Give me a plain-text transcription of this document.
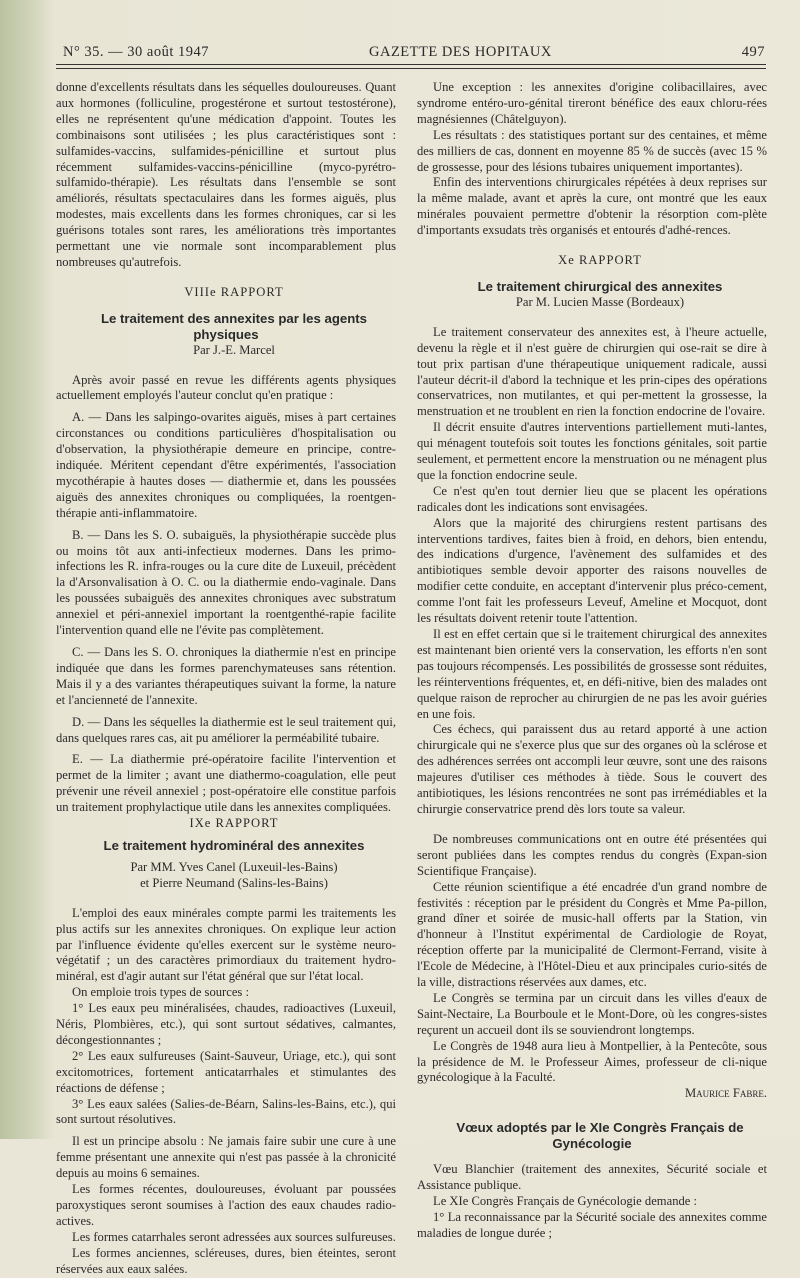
N° 35. — 30 août 1947	GAZETTE DES HOPITAUX	497

donne d'excellents résultats dans les séquelles douloureuses. Quant aux hormones (folliculine, progestérone et surtout testostérone), elles ne représentent qu'une médication d'appoint. Toutes les combinaisons sont utilisées ; les plus caractéristiques sont : sulfamides-vaccins, sulfamides-pénicilline et surtout plus récemment sulfamides-vaccins-pénicilline (myco-pyrétro-sulfamido-thérapie). Les résultats dans l'ensemble se sont améliorés, résultats spectaculaires dans les formes aiguës, plus modestes, mais excellents dans les formes chroniques, car si les guérisons totales sont rares, les améliorations très importantes permettant une vie normale sont incomparablement plus nombreuses qu'autrefois.

VIIIe RAPPORT

Le traitement des annexites par les agents physiques

Par J.-E. Marcel

Après avoir passé en revue les différents agents physiques actuellement employés l'auteur conclut qu'en pratique :

A. — Dans les salpingo-ovarites aiguës, mises à part certaines circonstances ou conditions particulières d'hospitalisation ou d'observation, la physiothérapie demeure en principe, contre-indiquée. Méritent cependant d'être expérimentés, l'association mycothérapie à hautes doses — diathermie et, dans les poussées aiguës des annexites chroniques ou compliquées, la roentgen-thérapie anti-inflammatoire.

B. — Dans les S. O. subaiguës, la physiothérapie succède plus ou moins tôt aux anti-infectieux modernes. Dans les primo-infections les R. infra-rouges ou la cure dite de Luxeuil, précèdent la d'Arsonvalisation à O. C. ou la diathermie endo-vaginale. Dans les poussées subaiguës des annexites chroniques avec substratum annexiel et péri-annexiel important la roentgenthé-rapie facilite l'intervention quand elle ne l'évite pas complètement.

C. — Dans les S. O. chroniques la diathermie n'est en principe indiquée que dans les formes parenchymateuses sans rétention. Mais il y a des variantes thérapeutiques suivant la forme, la nature et l'ancienneté de l'annexite.

D. — Dans les séquelles la diathermie est le seul traitement qui, dans quelques rares cas, ait pu améliorer la perméabilité tubaire.

E. — La diathermie pré-opératoire facilite l'intervention et permet de la limiter ; avant une diathermo-coagulation, elle peut prévenir une réveil annexiel ; post-opératoire elle constitue parfois un traitement prophylactique utile dans les annexites compliquées.

IXe RAPPORT

Le traitement hydrominéral des annexites

Par MM. Yves Canel (Luxeuil-les-Bains)

et Pierre Neumand (Salins-les-Bains)

L'emploi des eaux minérales compte parmi les traitements les plus actifs sur les annexites chroniques. On explique leur action par l'influence évidente qu'elles exercent sur le système neuro-végétatif ; un des caractères primordiaux du traitement hydro-minéral, est d'agir autant sur l'état général que sur l'état local.

On emploie trois types de sources :

1° Les eaux peu minéralisées, chaudes, radioactives (Luxeuil, Néris, Plombières, etc.), qui sont surtout sédatives, calmantes, décongestionnantes ;

2° Les eaux sulfureuses (Saint-Sauveur, Uriage, etc.), qui sont excitomotrices, fortement anticatarrhales et stimulantes des réactions de défense ;

3° Les eaux salées (Salies-de-Béarn, Salins-les-Bains, etc.), qui sont surtout résolutives.

Il est un principe absolu : Ne jamais faire subir une cure à une femme présentant une annexite qui n'est pas passée à la chronicité depuis au moins 6 semaines.

Les formes récentes, douloureuses, évoluant par poussées paroxystiques seront soumises à l'action des eaux chaudes radio-actives.

Les formes catarrhales seront adressées aux sources sulfureuses.

Les formes anciennes, scléreuses, dures, bien éteintes, seront réservées aux eaux salées.

Une exception : les annexites d'origine colibacillaires, avec syndrome entéro-uro-génital tireront bénéfice des eaux chloru-rées magnésiennes (Châtelguyon).

Les résultats : des statistiques portant sur des centaines, et même des milliers de cas, donnent en moyenne 85 % de succès (avec 15 % de grossesse, pour des lésions tubaires uniquement importantes).

Enfin des interventions chirurgicales répétées à deux reprises sur la même malade, avant et après la cure, ont montré que les eaux minérales pouvaient permettre d'obtenir la résorption com-plète d'importants exsudats très organisés et entourés d'adhé-rences.

Xe RAPPORT

Le traitement chirurgical des annexites

Par M. Lucien Masse (Bordeaux)

Le traitement conservateur des annexites est, à l'heure actuelle, devenu la règle et il n'est guère de chirurgien qui ose-rait se dire à tout prix partisan d'une thérapeutique uniquement radicale, aussi l'auteur décrit-il d'abord la technique et les prin-cipes des opérations conservatrices, non mutilantes, et qui per-mettent la grossesse, la menstruation et ne troublent en rien la fonction endocrine de l'ovaire.

Il décrit ensuite d'autres interventions partiellement muti-lantes, qui ménagent toutefois soit toutes les fonctions génitales, soit partie seulement, et permettent encore la menstruation ou ne ménagent plus que la fonction endocrine seule.

Ce n'est qu'en tout dernier lieu que se placent les opérations radicales dont les indications sont envisagées.

Alors que la majorité des chirurgiens restent partisans des interventions tardives, faites bien à froid, en dehors, bien entendu, des indications d'urgence, l'avènement des sulfamides et des antibiotiques semble devoir apporter des raisons nouvelles de modifier cette conduite, en acceptant d'intervenir plus préco-cement, comme l'ont fait les professeurs Leveuf, Ameline et Mocquot, dont les résultats doivent retenir toute l'attention.

Il est en effet certain que si le traitement chirurgical des annexites est maintenant bien orienté vers la conservation, les efforts n'en sont pas toujours récompensés. Les possibilités de grossesse sont réduites, les réinterventions fréquentes, et, en défi-nitive, bien des malades ont quelque raison de reprocher au chirurgien de ne pas les avoir guéries en une fois.

Ces échecs, qui paraissent dus au retard apporté à une action chirurgicale qui ne s'exerce plus que sur des organes où la sclérose et des adhérences serrées ont accompli leur œuvre, sont une des raisons majeures d'utiliser ces méthodes à tiède. Sous le couvert des antibiotiques, les lésions rencontrées ne sont pas irrémédiables et la chirurgie conservatrice prend dès lors toute sa valeur.

De nombreuses communications ont en outre été présentées qui seront publiées dans les comptes rendus du congrès (Expan-sion Scientifique Française).

Cette réunion scientifique a été encadrée d'un grand nombre de festivités : réception par le président du Congrès et Mme Pa-pillon, grand dîner et soirée de music-hall offerts par la Station, vin d'honneur à l'Institut expérimental de Cardiologie de Royat, réception offerte par la municipalité de Clermont-Ferrand, visite à l'Ecole de Médecine, à l'Hôtel-Dieu et aux principales curio-sités de la ville, distractions réservées aux dames, etc.

Le Congrès se termina par un circuit dans les villes d'eaux de Saint-Nectaire, La Bourboule et le Mont-Dore, où les congres-sistes reçurent un accueil dont ils se souviendront longtemps.

Le Congrès de 1948 aura lieu à Montpellier, à la Pentecôte, sous la présidence de M. le Professeur Aimes, professeur de cli-nique gynécologique à la Faculté.

Maurice Fabre.

Vœux adoptés par le XIe Congrès Français de Gynécologie

Vœu Blanchier (traitement des annexites, Sécurité sociale et Assistance publique.

Le XIe Congrès Français de Gynécologie demande :

1° La reconnaissance par la Sécurité sociale des annexites comme maladies de longue durée ;
